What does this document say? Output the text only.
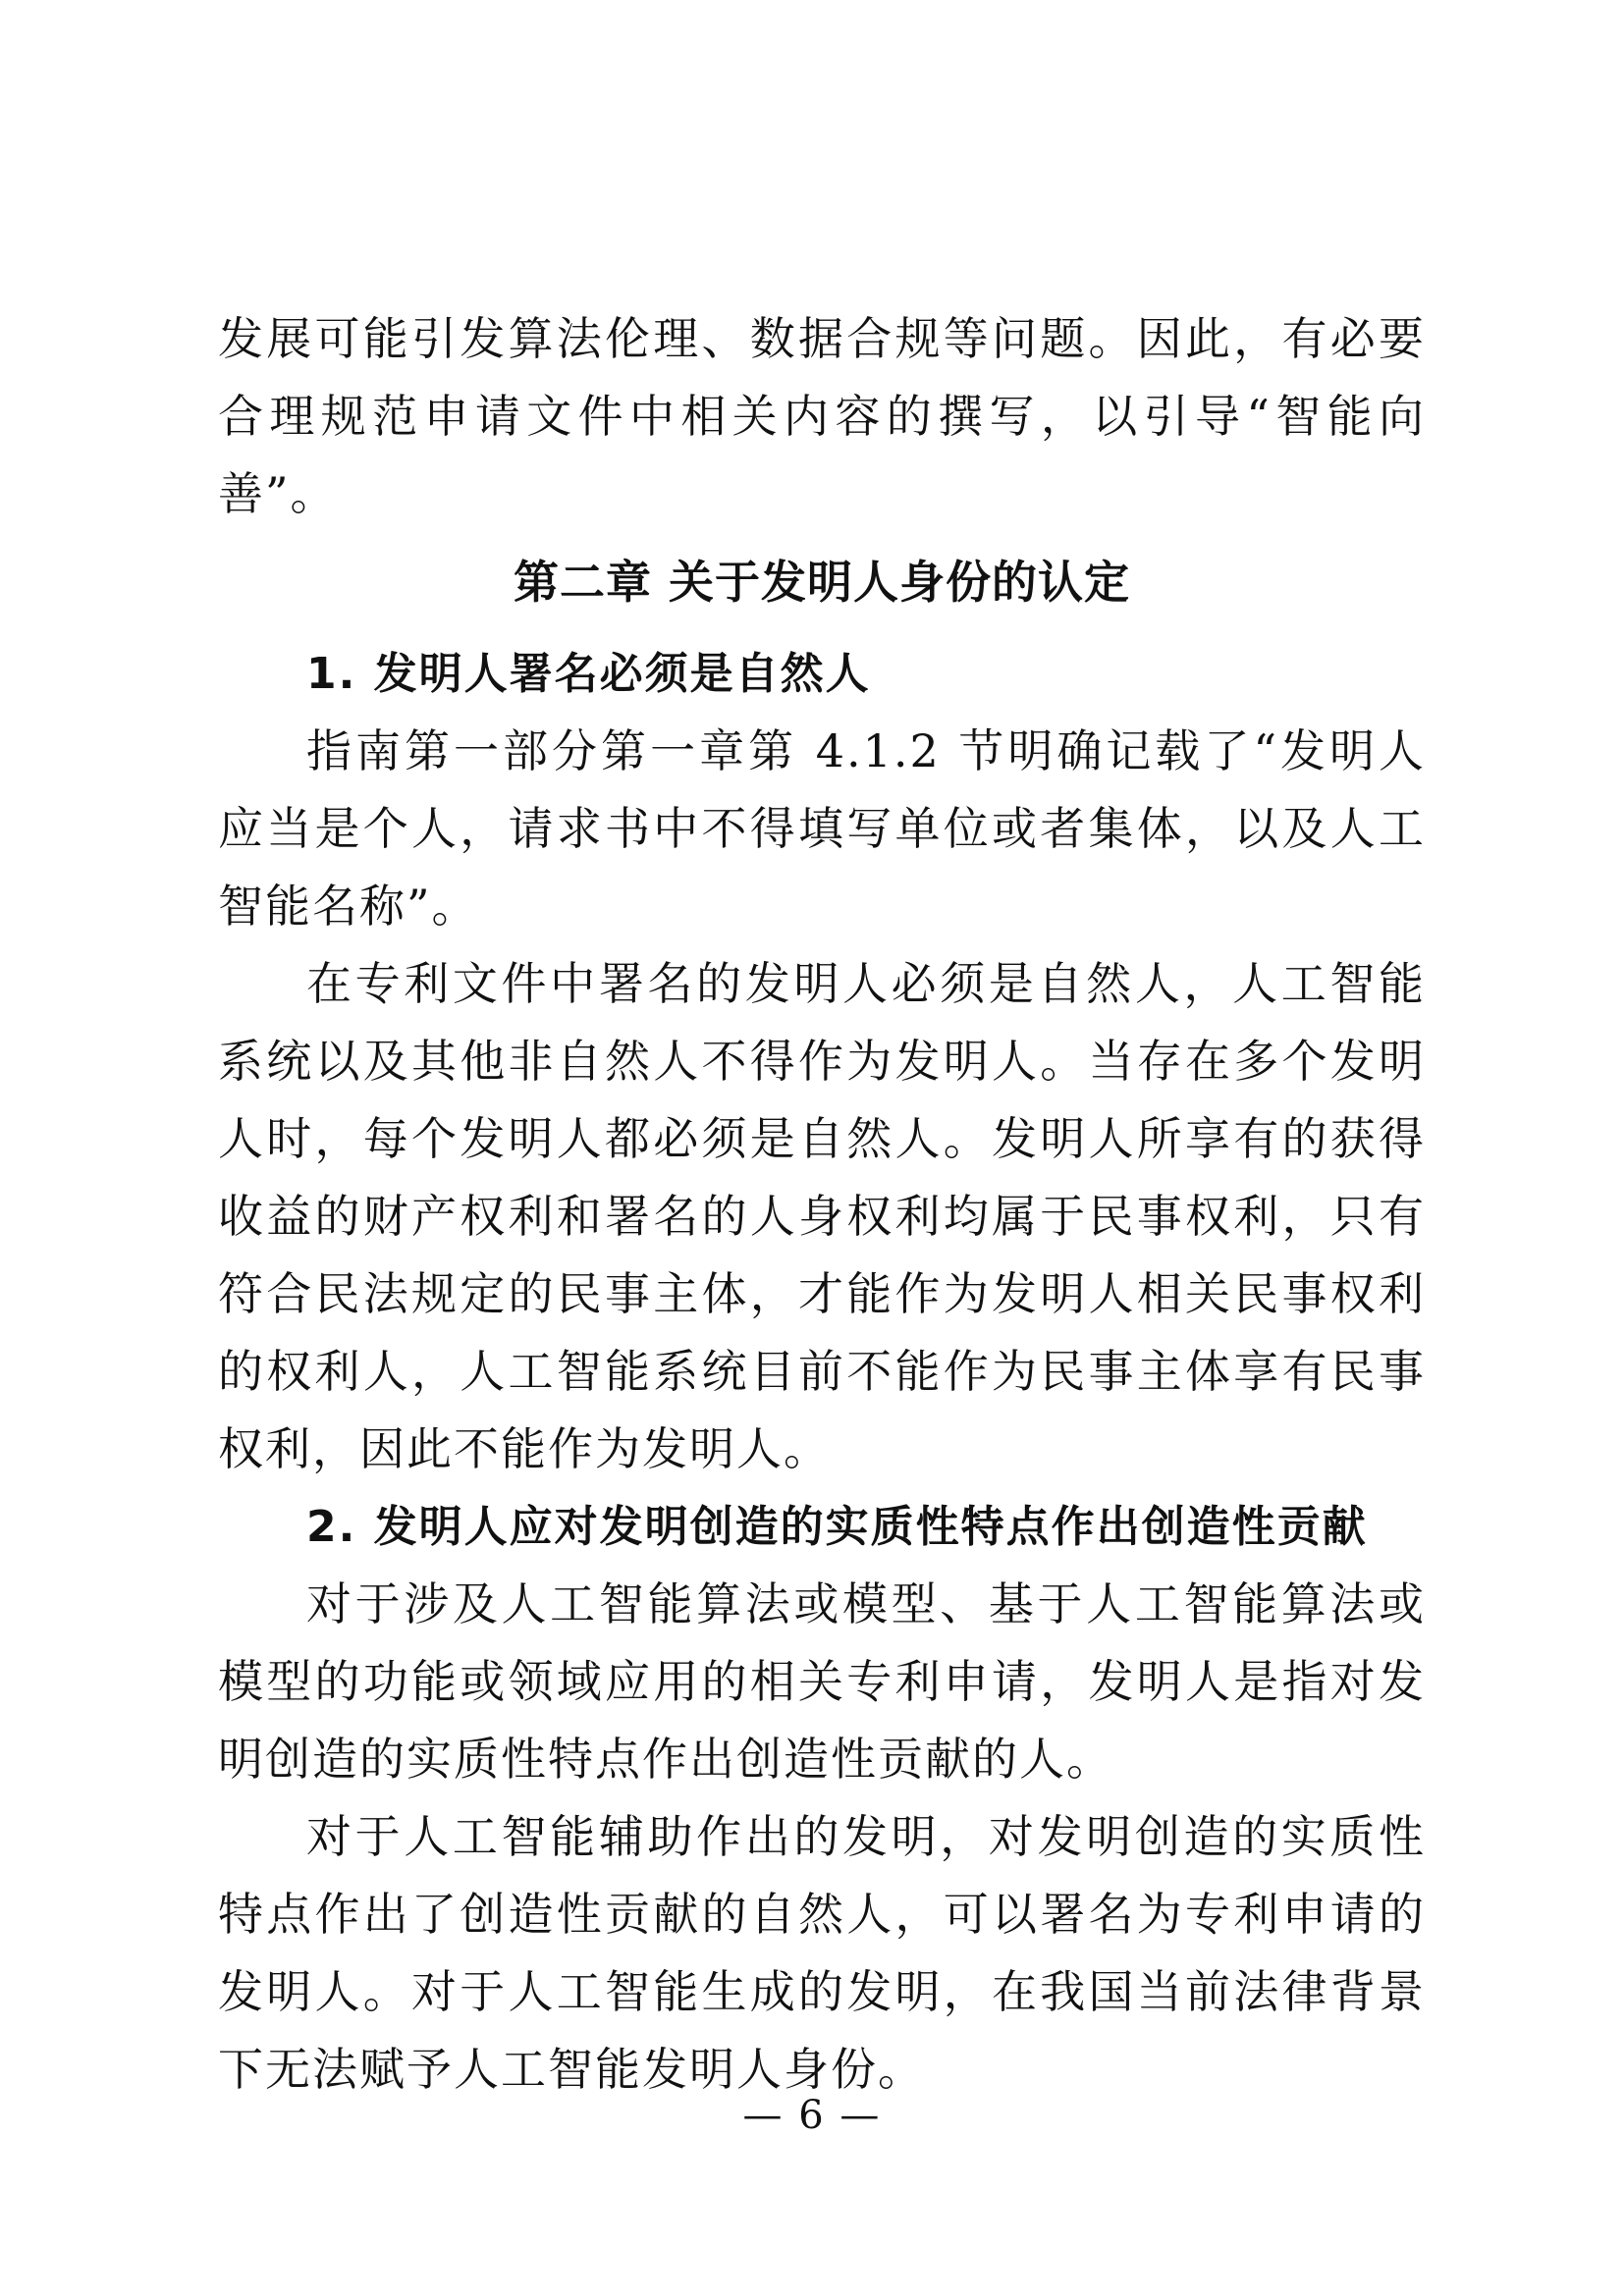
发展可能引发算法伦理、数据合规等问题。因此，有必要合理规范申请文件中相关内容的撰写，以引导“智能向善”。

第二章 关于发明人身份的认定
1. 发明人署名必须是自然人

指南第一部分第一章第 4.1.2 节明确记载了“发明人应当是个人，请求书中不得填写单位或者集体，以及人工智能名称”。

在专利文件中署名的发明人必须是自然人，人工智能系统以及其他非自然人不得作为发明人。当存在多个发明人时，每个发明人都必须是自然人。发明人所享有的获得收益的财产权利和署名的人身权利均属于民事权利，只有符合民法规定的民事主体，才能作为发明人相关民事权利的权利人，人工智能系统目前不能作为民事主体享有民事权利，因此不能作为发明人。

2. 发明人应对发明创造的实质性特点作出创造性贡献

对于涉及人工智能算法或模型、基于人工智能算法或模型的功能或领域应用的相关专利申请，发明人是指对发明创造的实质性特点作出创造性贡献的人。

对于人工智能辅助作出的发明，对发明创造的实质性特点作出了创造性贡献的自然人，可以署名为专利申请的发明人。对于人工智能生成的发明，在我国当前法律背景下无法赋予人工智能发明人身份。

— 6 —
